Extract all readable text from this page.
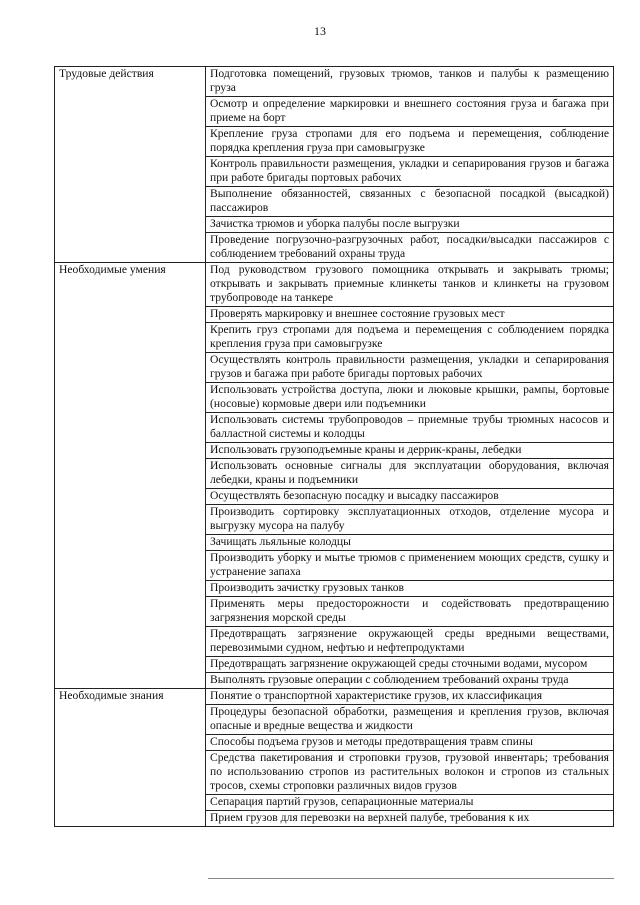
13
Трудовые действия	Подготовка помещений, грузовых трюмов, танков и палубы к размещению груза
	Осмотр и определение маркировки и внешнего состояния груза и багажа при приеме на борт
	Крепление груза стропами для его подъема и перемещения, соблюдение порядка крепления груза при самовыгрузке
	Контроль правильности размещения, укладки и сепарирования грузов и багажа при работе бригады портовых рабочих
	Выполнение обязанностей, связанных с безопасной посадкой (высадкой) пассажиров
	Зачистка трюмов и уборка палубы после выгрузки
	Проведение погрузочно-разгрузочных работ, посадки/высадки пассажиров с соблюдением требований охраны труда
Необходимые умения	Под руководством грузового помощника открывать и закрывать трюмы; открывать и закрывать приемные клинкеты танков и клинкеты на грузовом трубопроводе на танкере
	Проверять маркировку и внешнее состояние грузовых мест
	Крепить груз стропами для подъема и перемещения с соблюдением порядка крепления груза при самовыгрузке
	Осуществлять контроль правильности размещения, укладки и сепарирования грузов и багажа при работе бригады портовых рабочих
	Использовать устройства доступа, люки и люковые крышки, рампы, бортовые (носовые) кормовые двери или подъемники
	Использовать системы трубопроводов – приемные трубы трюмных насосов и балластной системы и колодцы
	Использовать грузоподъемные краны и деррик-краны, лебедки
	Использовать основные сигналы для эксплуатации оборудования, включая лебедки, краны и подъемники
	Осуществлять безопасную посадку и высадку пассажиров
	Производить сортировку эксплуатационных отходов, отделение мусора и выгрузку мусора на палубу
	Зачищать льяльные колодцы
	Производить уборку и мытье трюмов с применением моющих средств, сушку и устранение запаха
	Производить зачистку грузовых танков
	Применять меры предосторожности и содействовать предотвращению загрязнения морской среды
	Предотвращать загрязнение окружающей среды вредными веществами, перевозимыми судном, нефтью и нефтепродуктами
	Предотвращать загрязнение окружающей среды сточными водами, мусором
	Выполнять грузовые операции с соблюдением требований охраны труда
Необходимые знания	Понятие о транспортной характеристике грузов, их классификация
	Процедуры безопасной обработки, размещения и крепления грузов, включая опасные и вредные вещества и жидкости
	Способы подъема грузов и методы предотвращения травм спины
	Средства пакетирования и строповки грузов, грузовой инвентарь; требования по использованию стропов из растительных волокон и стропов из стальных тросов, схемы строповки различных видов грузов
	Сепарация партий грузов, сепарационные материалы
	Прием грузов для перевозки на верхней палубе, требования к их
